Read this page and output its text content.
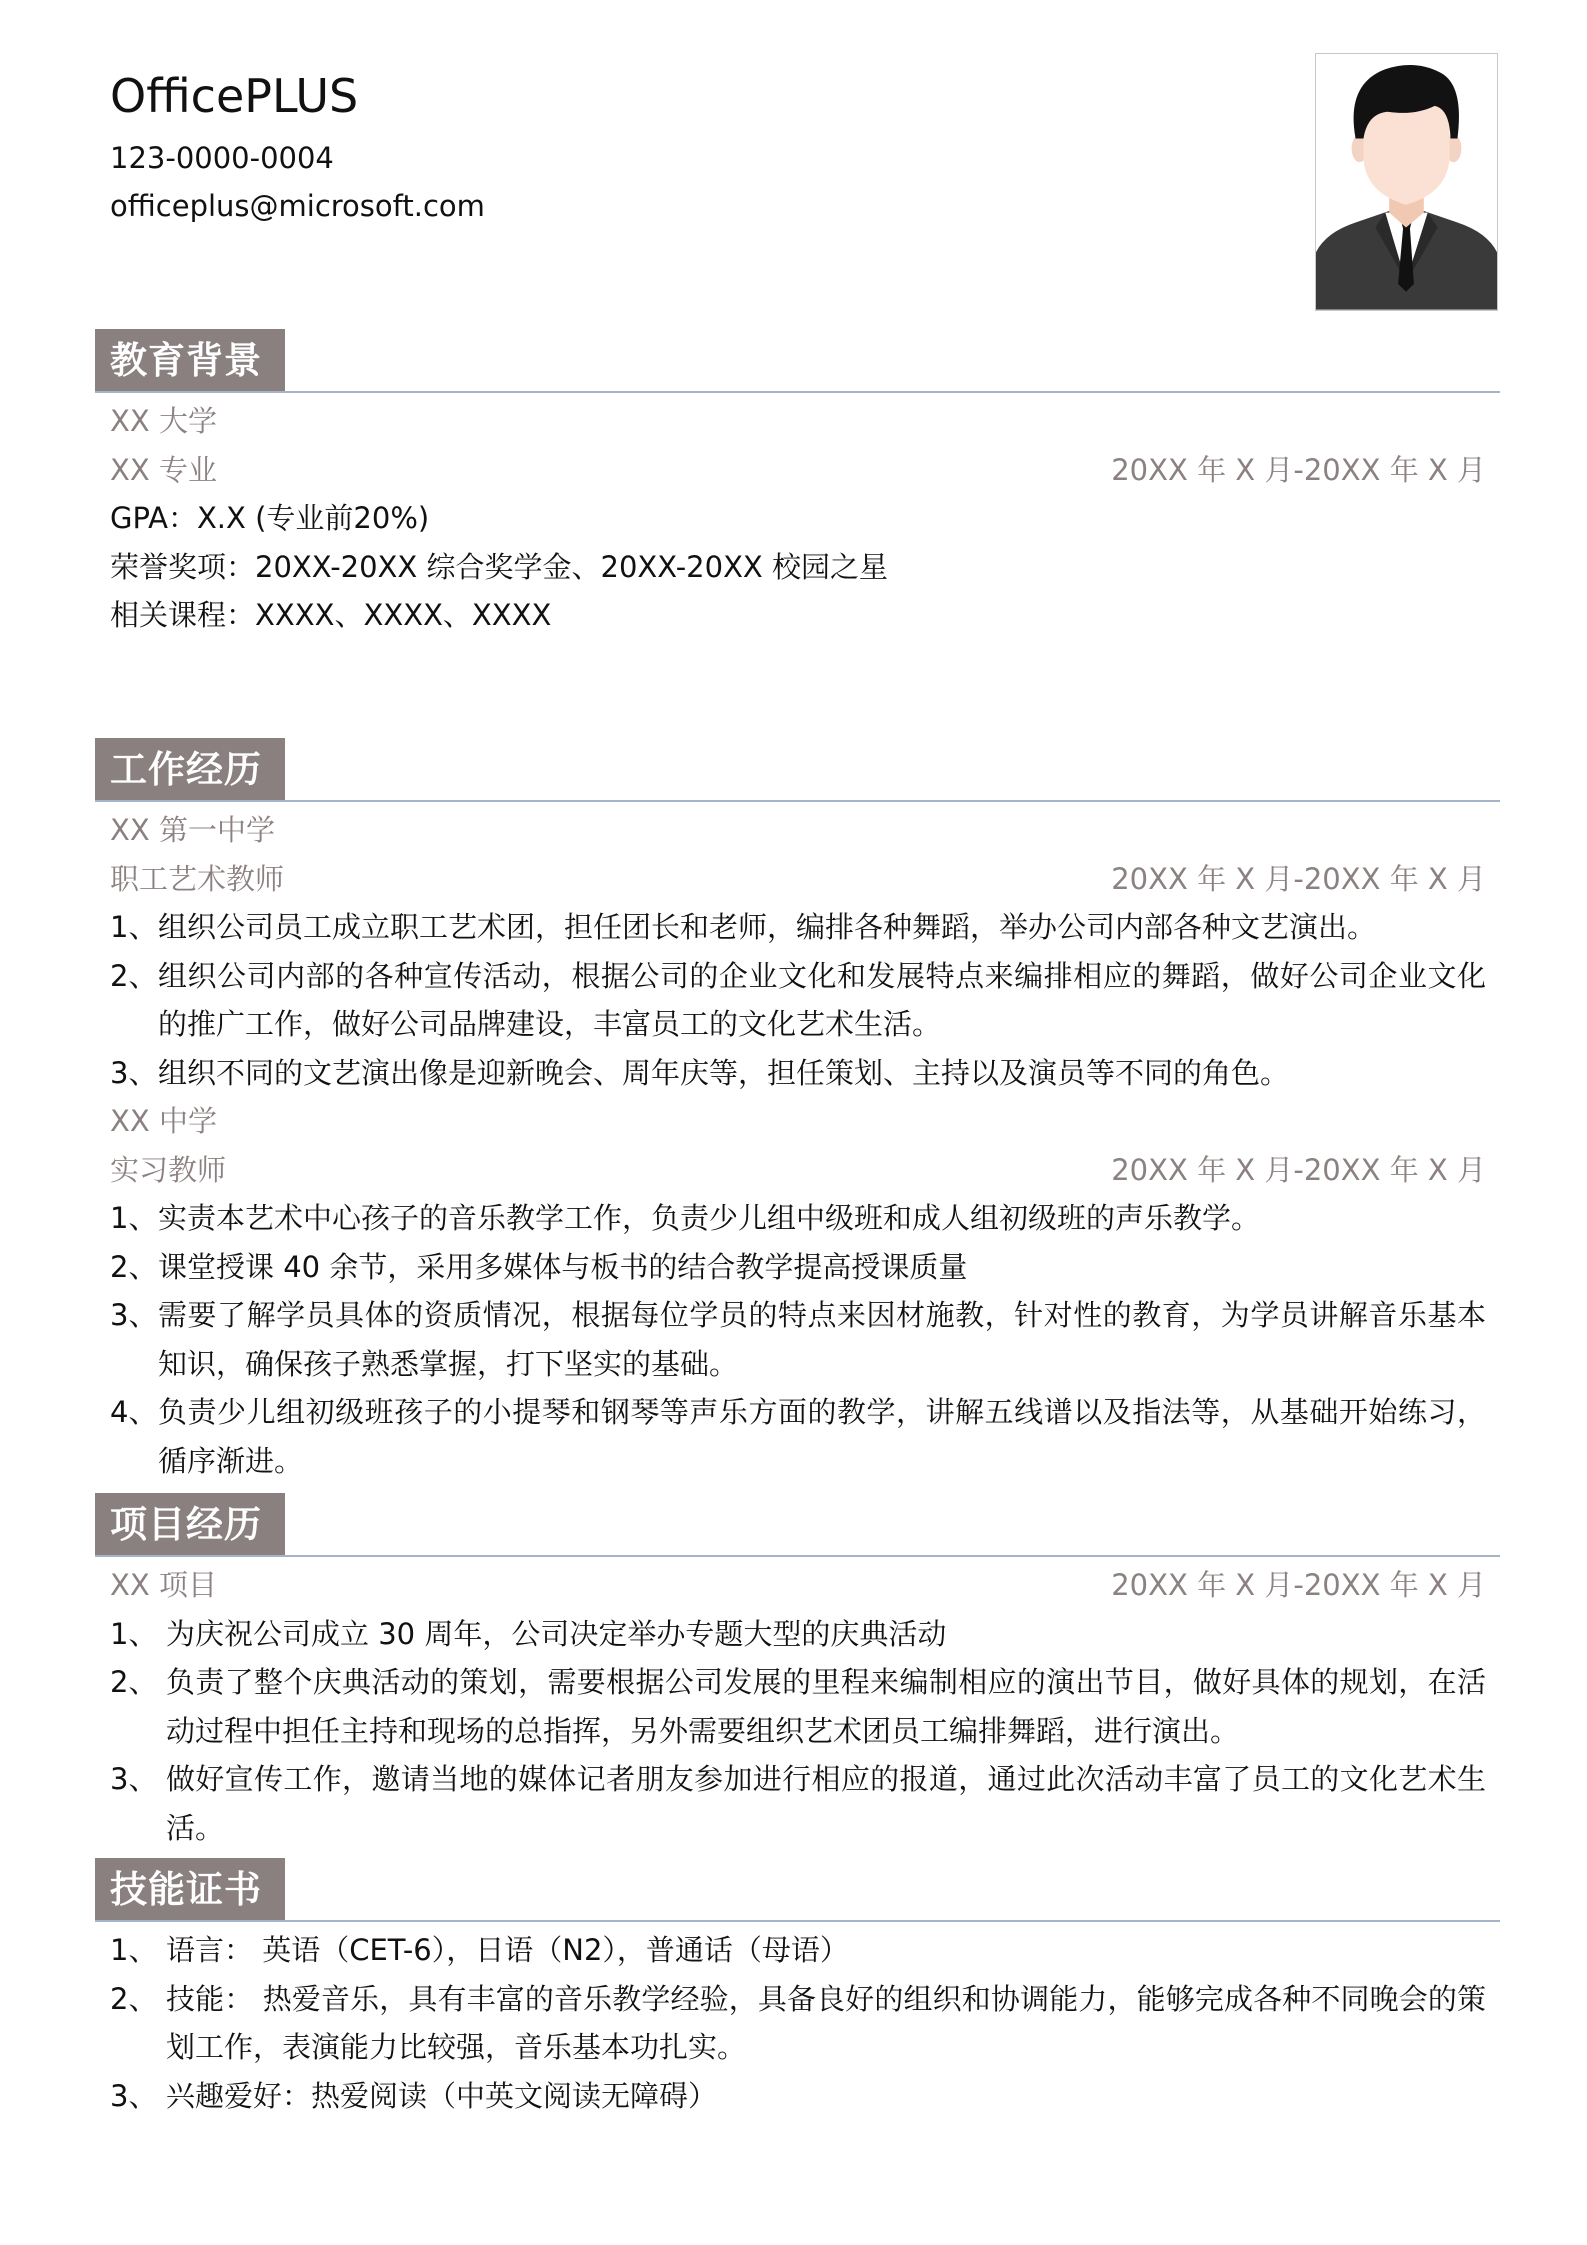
OfficePLUS
123-0000-0004
officeplus@microsoft.com
教育背景
XX 大学
XX 专业	20XX 年 X 月-20XX 年 X 月
GPA：X.X (专业前20%)
荣誉奖项：20XX-20XX 综合奖学金、20XX-20XX 校园之星
相关课程：XXXX、XXXX、XXXX
工作经历
XX 第一中学
职工艺术教师	20XX 年 X 月-20XX 年 X 月
1、 组织公司员工成立职工艺术团，担任团长和老师，编排各种舞蹈，举办公司内部各种文艺演出。
2、 组织公司内部的各种宣传活动，根据公司的企业文化和发展特点来编排相应的舞蹈，做好公司企业文化的推广工作，做好公司品牌建设，丰富员工的文化艺术生活。
3、 组织不同的文艺演出像是迎新晚会、周年庆等，担任策划、主持以及演员等不同的角色。
XX 中学
实习教师	20XX 年 X 月-20XX 年 X 月
1、 实责本艺术中心孩子的音乐教学工作，负责少儿组中级班和成人组初级班的声乐教学。
2、 课堂授课 40 余节，采用多媒体与板书的结合教学提高授课质量
3、 需要了解学员具体的资质情况，根据每位学员的特点来因材施教，针对性的教育，为学员讲解音乐基本知识，确保孩子熟悉掌握，打下坚实的基础。
4、 负责少儿组初级班孩子的小提琴和钢琴等声乐方面的教学，讲解五线谱以及指法等，从基础开始练习，循序渐进。
项目经历
XX 项目	20XX 年 X 月-20XX 年 X 月
1、 为庆祝公司成立 30 周年，公司决定举办专题大型的庆典活动
2、 负责了整个庆典活动的策划，需要根据公司发展的里程来编制相应的演出节目，做好具体的规划，在活动过程中担任主持和现场的总指挥，另外需要组织艺术团员工编排舞蹈，进行演出。
3、 做好宣传工作，邀请当地的媒体记者朋友参加进行相应的报道，通过此次活动丰富了员工的文化艺术生活。
技能证书
1、 语言： 英语（CET-6），日语（N2），普通话（母语）
2、 技能： 热爱音乐，具有丰富的音乐教学经验，具备良好的组织和协调能力，能够完成各种不同晚会的策划工作，表演能力比较强，音乐基本功扎实。
3、 兴趣爱好：热爱阅读（中英文阅读无障碍）
